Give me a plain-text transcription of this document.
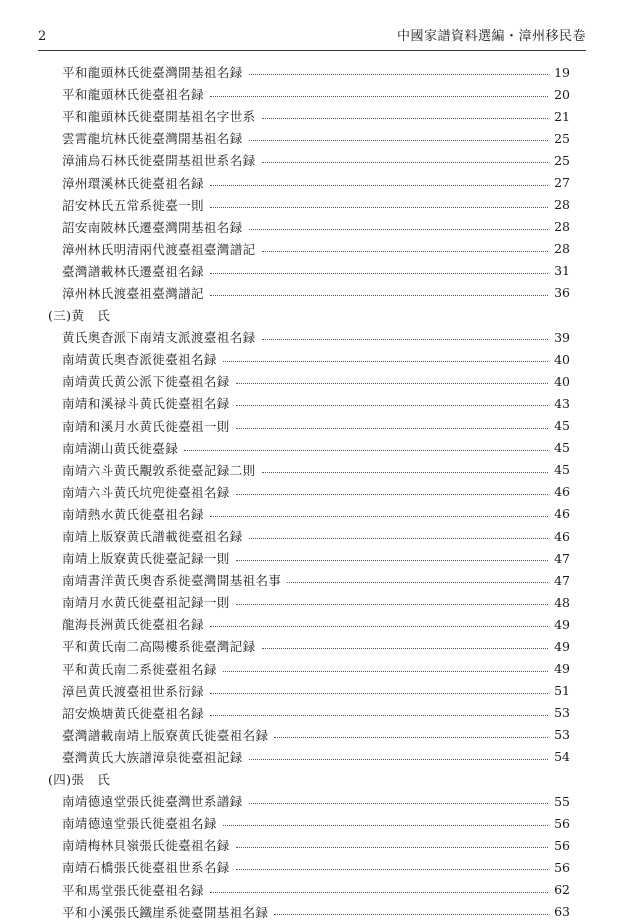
2	中國家譜資料選編・漳州移民卷
平和龍頭林氏徙臺灣開基祖名録	19
平和龍頭林氏徙臺祖名録	20
平和龍頭林氏徙臺開基祖名字世系	21
雲霄龍坑林氏徙臺灣開基祖名録	25
漳浦烏石林氏徙臺開基祖世系名録	25
漳州環溪林氏徙臺祖名録	27
詔安林氏五常系徙臺一則	28
詔安南陂林氏遷臺灣開基祖名録	28
漳州林氏明清兩代渡臺祖臺灣譜記	28
臺灣譜載林氏遷臺祖名録	31
漳州林氏渡臺祖臺灣譜記	36
(三)黄　氏
黄氏奥杳派下南靖支派渡臺祖名録	39
南靖黄氏奥杳派徙臺祖名録	40
南靖黄氏黄公派下徙臺祖名録	40
南靖和溪禄斗黄氏徙臺祖名録	43
南靖和溪月水黄氏徙臺祖一則	45
南靖湖山黄氏徙臺録	45
南靖六斗黄氏覯敦系徙臺記録二則	45
南靖六斗黄氏坑兜徙臺祖名録	46
南靖熱水黄氏徙臺祖名録	46
南靖上版寮黄氏譜載徙臺祖名録	46
南靖上版寮黄氏徙臺記録一則	47
南靖書洋黄氏奥杳系徙臺灣開基祖名事	47
南靖月水黄氏徙臺祖記録一則	48
龍海長洲黄氏徙臺祖名録	49
平和黄氏南二高陽樓系徙臺灣記録	49
平和黄氏南二系徙臺祖名録	49
漳邑黄氏渡臺祖世系衍録	51
詔安焕塘黄氏徙臺祖名録	53
臺灣譜載南靖上版寮黄氏徙臺祖名録	53
臺灣黄氏大族譜漳泉徙臺祖記録	54
(四)張　氏
南靖德遠堂張氏徙臺灣世系譜録	55
南靖德遠堂張氏徙臺祖名録	56
南靖梅林貝嶺張氏徙臺祖名録	56
南靖石橋張氏徙臺祖世系名録	56
平和馬堂張氏徙臺祖名録	62
平和小溪張氏鐵崖系徙臺開基祖名録	63
